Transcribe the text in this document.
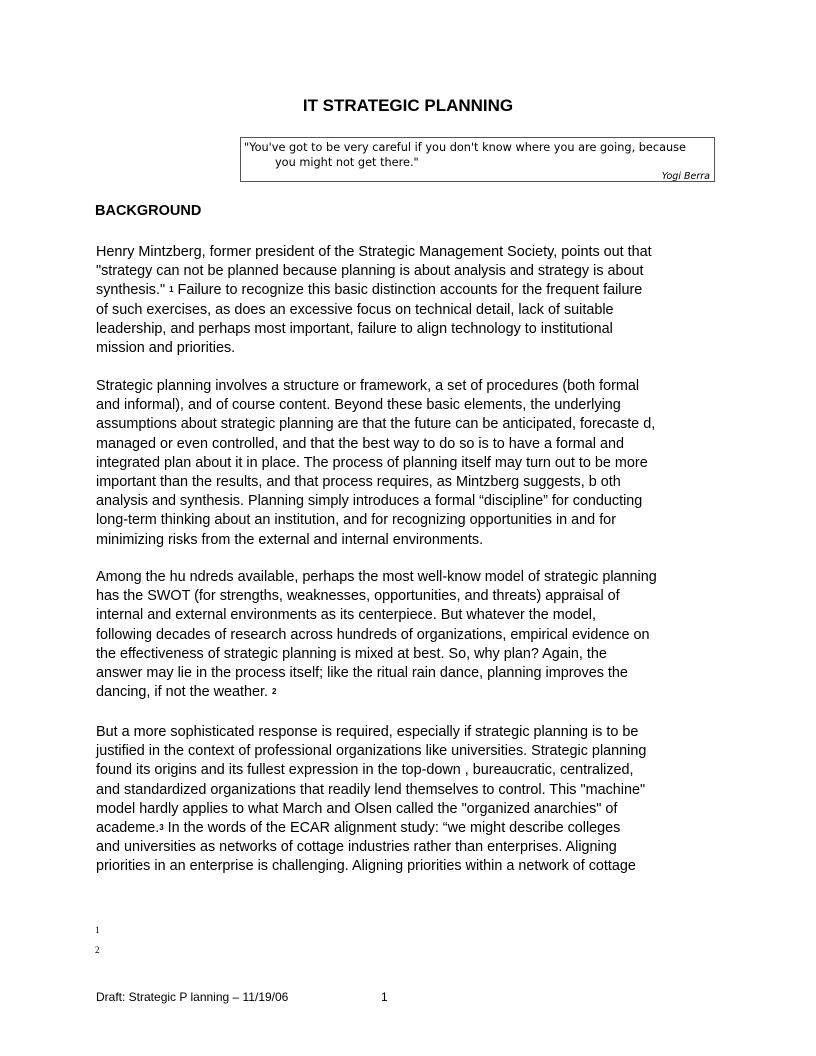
IT STRATEGIC PLANNING
"You've got to be very careful if you don't know where you are going, because
you might not get there."
Yogi Berra
BACKGROUND
Henry Mintzberg, former president of the Strategic Management Society, points out that
"strategy can not be planned because planning is about analysis and strategy is about
synthesis." $^1$ Failure to recognize this basic distinction accounts for the frequent failure
of such exercises, as does an excessive focus on technical detail, lack of suitable
leadership, and perhaps most important, failure to align technology to institutional
mission and priorities.
Strategic planning involves a structure or framework, a set of procedures (both formal
and informal), and of course content. Beyond these basic elements, the underlying
assumptions about strategic planning are that the future can be anticipated, forecaste d,
managed or even controlled, and that the best way to do so is to have a formal and
integrated plan about it in place. The process of planning itself may turn out to be more
important than the results, and that process requires, as Mintzberg suggests, b oth
analysis and synthesis. Planning simply introduces a formal “discipline” for conducting
long-term thinking about an institution, and for recognizing opportunities in and for
minimizing risks from the external and internal environments.
Among the hu ndreds available, perhaps the most well-know model of strategic planning
has the SWOT (for strengths, weaknesses, opportunities, and threats) appraisal of
internal and external environments as its centerpiece. But whatever the model,
following decades of research across hundreds of organizations, empirical evidence on
the effectiveness of strategic planning is mixed at best. So, why plan? Again, the
answer may lie in the process itself; like the ritual rain dance, planning improves the
dancing, if not the weather. $^2$
But a more sophisticated response is required, especially if strategic planning is to be
justified in the context of professional organizations like universities. Strategic planning
found its origins and its fullest expression in the top-down , bureaucratic, centralized,
and standardized organizations that readily lend themselves to control. This "machine"
model hardly applies to what March and Olsen called the "organized anarchies" of
academe.$^3$ In the words of the ECAR alignment study: “we might describe colleges
and universities as networks of cottage industries rather than enterprises. Aligning
priorities in an enterprise is challenging. Aligning priorities within a network of cottage
1
2
Draft: Strategic P lanning – 11/19/06	1
